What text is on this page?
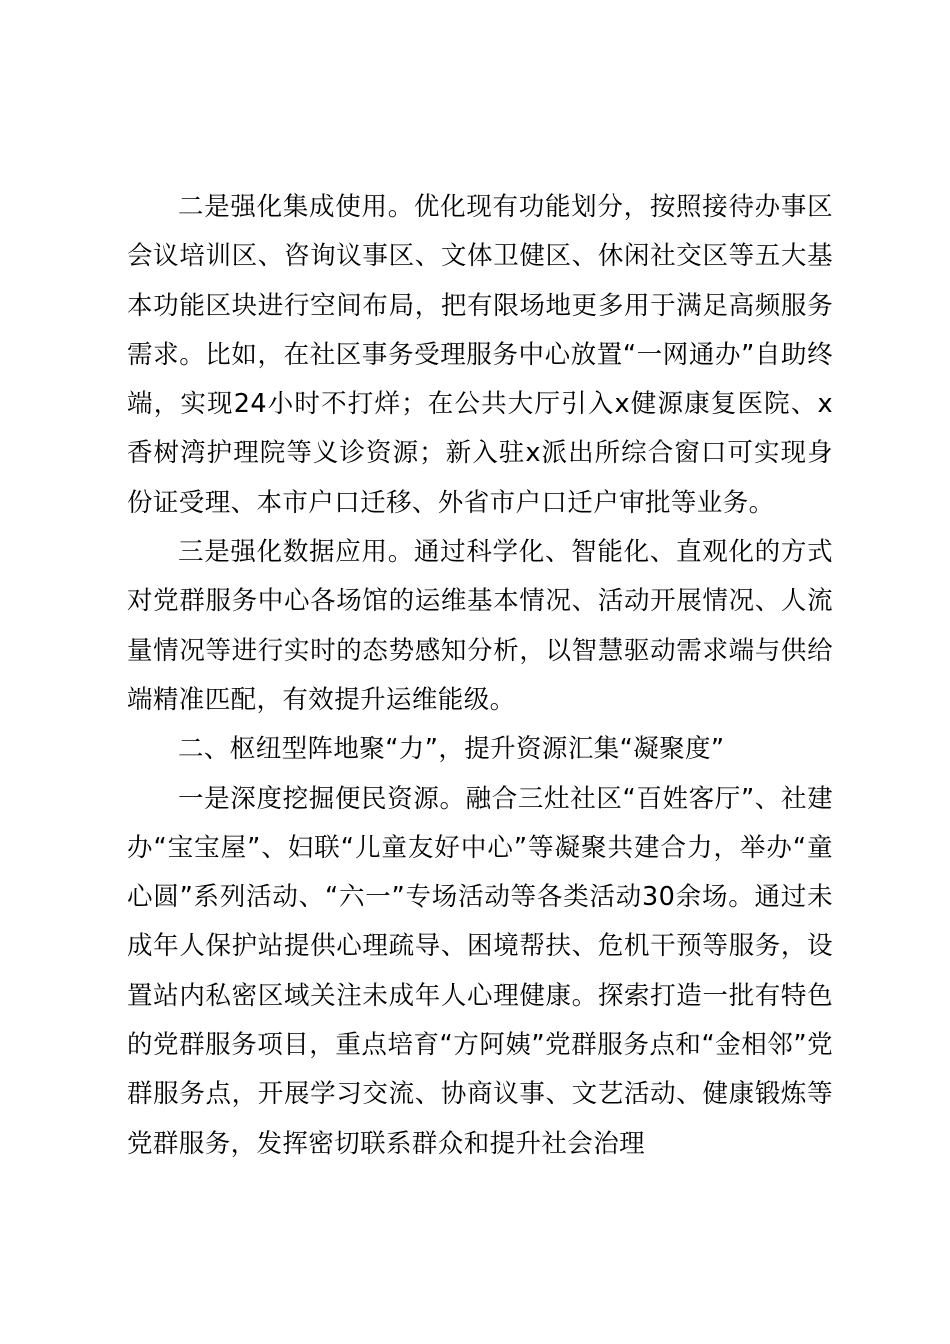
二是强化集成使用。优化现有功能划分，按照接待办事区会议培训区、咨询议事区、文体卫健区、休闲社交区等五大基本功能区块进行空间布局，把有限场地更多用于满足高频服务需求。比如，在社区事务受理服务中心放置“一网通办”自助终端，实现24小时不打烊；在公共大厅引入x健源康复医院、x香树湾护理院等义诊资源；新入驻x派出所综合窗口可实现身份证受理、本市户口迁移、外省市户口迁户审批等业务。

三是强化数据应用。通过科学化、智能化、直观化的方式对党群服务中心各场馆的运维基本情况、活动开展情况、人流量情况等进行实时的态势感知分析，以智慧驱动需求端与供给端精准匹配，有效提升运维能级。

二、枢纽型阵地聚“力”，提升资源汇集“凝聚度”

一是深度挖掘便民资源。融合三灶社区“百姓客厅”、社建办“宝宝屋”、妇联“儿童友好中心”等凝聚共建合力，举办“童心圆”系列活动、“六一”专场活动等各类活动30余场。通过未成年人保护站提供心理疏导、困境帮扶、危机干预等服务，设置站内私密区域关注未成年人心理健康。探索打造一批有特色的党群服务项目，重点培育“方阿姨”党群服务点和“金相邻”党群服务点，开展学习交流、协商议事、文艺活动、健康锻炼等党群服务，发挥密切联系群众和提升社会治理
